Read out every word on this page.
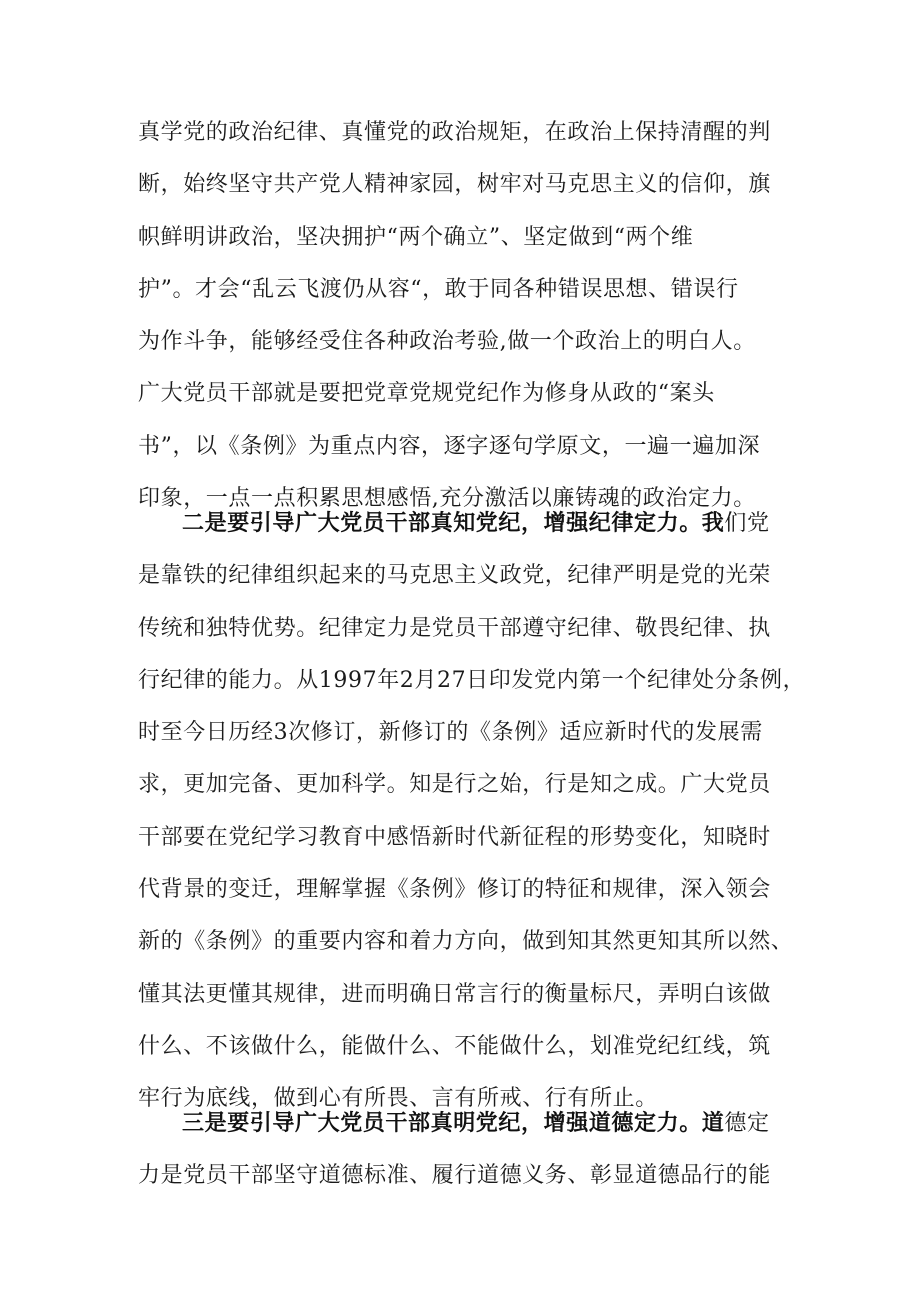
真学党的政治纪律、真懂党的政治规矩，在政治上保持清醒的判
断，始终坚守共产党人精神家园，树牢对马克思主义的信仰，旗
帜鲜明讲政治，坚决拥护“两个确立”、坚定做到“两个维
护”。才会“乱云飞渡仍从容“，敢于同各种错误思想、错误行
为作斗争，能够经受住各种政治考验,做一个政治上的明白人。
广大党员干部就是要把党章党规党纪作为修身从政的“案头
书”，以《条例》为重点内容，逐字逐句学原文，一遍一遍加深
印象，一点一点积累思想感悟,充分激活以廉铸魂的政治定力。
二是要引导广大党员干部真知党纪，增强纪律定力。我们党
是靠铁的纪律组织起来的马克思主义政党，纪律严明是党的光荣
传统和独特优势。纪律定力是党员干部遵守纪律、敬畏纪律、执
行纪律的能力。从1997年2月27日印发党内第一个纪律处分条例，
时至今日历经3次修订，新修订的《条例》适应新时代的发展需
求，更加完备、更加科学。知是行之始，行是知之成。广大党员
干部要在党纪学习教育中感悟新时代新征程的形势变化，知晓时
代背景的变迁，理解掌握《条例》修订的特征和规律，深入领会
新的《条例》的重要内容和着力方向，做到知其然更知其所以然、
懂其法更懂其规律，进而明确日常言行的衡量标尺，弄明白该做
什么、不该做什么，能做什么、不能做什么，划准党纪红线，筑
牢行为底线，做到心有所畏、言有所戒、行有所止。
三是要引导广大党员干部真明党纪，增强道德定力。道德定
力是党员干部坚守道德标准、履行道德义务、彰显道德品行的能
